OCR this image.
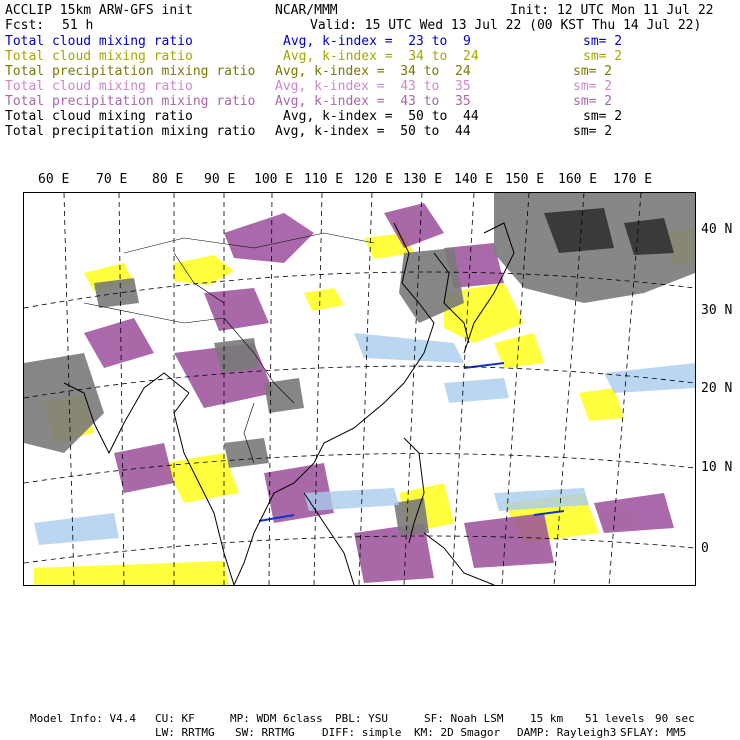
ACCLIP 15km ARW-GFS init	NCAR/MMM	Init: 12 UTC Mon 11 Jul 22
Fcst: 51 h	Valid: 15 UTC Wed 13 Jul 22 (00 KST Thu 14 Jul 22)
Total cloud mixing ratio	Avg, k-index =  23 to  9	sm= 2
Total cloud mixing ratio	Avg, k-index =  34 to  24	sm= 2
Total precipitation mixing ratio Avg, k-index =  34 to  24	sm= 2
Total cloud mixing ratio	Avg, k-index =  43 to  35	sm= 2
Total precipitation mixing ratio Avg, k-index =  43 to  35	sm= 2
Total cloud mixing ratio	Avg, k-index =  50 to  44	sm= 2
Total precipitation mixing ratio Avg, k-index =  50 to  44	sm= 2
60 E 70 E 80 E 90 E 100 E 110 E 120 E 130 E 140 E 150 E 160 E 170 E
40 N
30 N
20 N
10 N
0
Model Info: V4.4 CU: KF	MP: WDM 6class PBL: YSU	SF: Noah LSM 15 km 51 levels 90 sec
LW: RRTMG SW: RRTMG DIFF: simple KM: 2D Smagor DAMP: Rayleigh3 SFLAY: MM5
